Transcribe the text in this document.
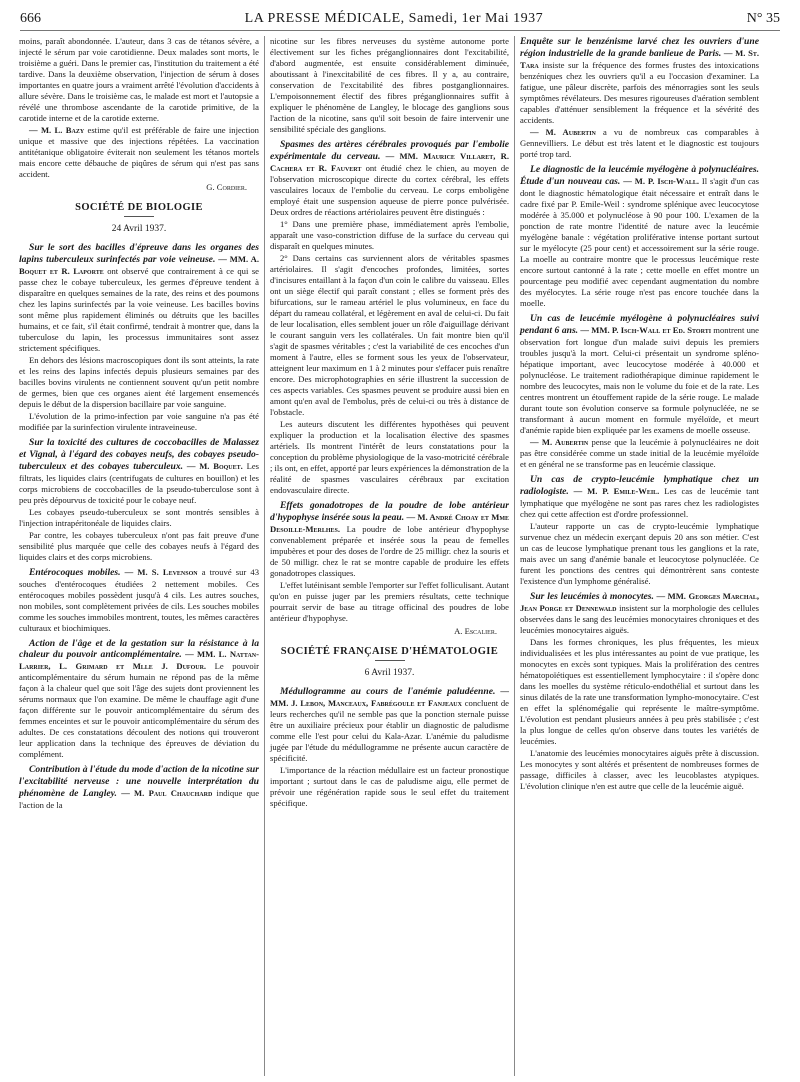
666	LA PRESSE MÉDICALE, Samedi, 1er Mai 1937	N° 35

moins, paraît abondonnée. L'auteur, dans 3 cas de tétanos sévère, a injecté le sérum par voie carotidienne. Deux malades sont morts, le troisième a guéri. Dans le premier cas, l'institution du traitement a été tardive. Dans la deuxième observation, l'injection de sérum à doses importantes en quatre jours a vraiment arrêté l'évolution d'accidents à allure sévère. Dans le troisième cas, le malade est mort et l'autopsie a révélé une thrombose ascendante de la carotide primitive, de la carotide interne et de la carotide externe.

— M. L. Bazy estime qu'il est préférable de faire une injection unique et massive que des injections répétées. La vaccination antitétanique obligatoire éviterait non seulement les tétanos mortels mais encore cette débauche de piqûres de sérum qui n'est pas sans accident.

G. Cordier.

SOCIÉTÉ DE BIOLOGIE
24 Avril 1937.

Sur le sort des bacilles d'épreuve dans les organes des lapins tuberculeux surinfectés par voie veineuse. — MM. A. Boquet et R. Laporte ont observé que contrairement à ce qui se passe chez le cobaye tuberculeux, les germes d'épreuve tendent à disparaître en quelques semaines de la rate, des reins et des poumons chez les lapins surinfectés par la voie veineuse. Les bacilles bovins sont même plus rapidement éliminés ou détruits que les bacilles humains, et ce fait, s'il était confirmé, tendrait à montrer que, dans la tuberculose du lapin, les processus immunitaires sont assez strictement spécifiques.

En dehors des lésions macroscopiques dont ils sont atteints, la rate et les reins des lapins infectés depuis plusieurs semaines par des bacilles bovins virulents ne contiennent souvent qu'un petit nombre de germes, bien que ces organes aient été largement ensemencés depuis le début de la dispersion bacillaire par voie sanguine.

L'évolution de la primo-infection par voie sanguine n'a pas été modifiée par la surinfection virulente intraveineuse.

Sur la toxicité des cultures de coccobacilles de Malassez et Vignal, à l'égard des cobayes neufs, des cobayes pseudo-tuberculeux et des cobayes tuberculeux. — M. Boquet. Les filtrats, les liquides clairs (centrifugats de cultures en bouillon) et les corps microbiens de coccobacilles de la pseudo-tuberculose sont à peu près dépourvus de toxicité pour le cobaye neuf.

Les cobayes pseudo-tuberculeux se sont montrés sensibles à l'injection intrapéritonéale de liquides clairs.

Par contre, les cobayes tuberculeux n'ont pas fait preuve d'une sensibilité plus marquée que celle des cobayes neufs à l'égard des liquides clairs et des corps microbiens.

Entérocoques mobiles. — M. S. Levenson a trouvé sur 43 souches d'entérocoques étudiées 2 nettement mobiles. Ces entérocoques mobiles possèdent jusqu'à 4 cils. Les autres souches, non mobiles, sont complètement privées de cils. Les souches mobiles comme les souches immobiles montrent, toutes, les mêmes caractères culturaux et biochimiques.

Action de l'âge et de la gestation sur la résistance à la chaleur du pouvoir anticomplémentaire. — MM. L. Nattan-Larrier, L. Grimard et Mlle J. Dufour. Le pouvoir anticomplémentaire du sérum humain ne répond pas de la même façon à la chaleur quel que soit l'âge des sujets dont proviennent les sérums normaux que l'on examine. De même le chauffage agit d'une façon différente sur le pouvoir anticomplémentaire du sérum des femmes enceintes et sur le pouvoir anticomplémentaire du sérum des adultes. De ces constatations découlent des notions qui trouveront leur application dans la technique des épreuves de déviation du complément.

Contribution à l'étude du mode d'action de la nicotine sur l'excitabilité nerveuse : une nouvelle interprétation du phénomène de Langley. — M. Paul Chauchard indique que l'action de la

nicotine sur les fibres nerveuses du système autonome porte électivement sur les fiches préganglionnaires dont l'excitabilité, d'abord augmentée, est ensuite considérablement diminuée, aboutissant à l'inexcitabilité de ces fibres. Il y a, au contraire, conservation de l'excitabilité des fibres postganglionnaires. L'empoisonnement électif des fibres préganglionnaires suffit à expliquer le phénomène de Langley, le blocage des ganglions sous l'action de la nicotine, sans qu'il soit besoin de faire intervenir une sensibilité spéciale des ganglions.

Spasmes des artères cérébrales provoqués par l'embolie expérimentale du cerveau. — MM. Maurice Villaret, R. Cachera et R. Fauvert ont étudié chez le chien, au moyen de l'observation microscopique directe du cortex cérébral, les effets vasculaires locaux de l'embolie du cerveau. Le corps emboligène employé était une suspension aqueuse de pierre ponce pulvérisée. Deux ordres de réactions artériolaires peuvent être distingués :

1° Dans une première phase, immédiatement après l'embolie, apparaît une vaso-constriction diffuse de la surface du cerveau qui disparaît en quelques minutes.

2° Dans certains cas surviennent alors de véritables spasmes artériolaires. Il s'agit d'encoches profondes, limitées, sortes d'incisures entaillant à la façon d'un coin le calibre du vaisseau. Elles ont un siège électif qui paraît constant ; elles se forment près des bifurcations, sur le rameau artériel le plus volumineux, en face du départ du rameau collatéral, et légèrement en aval de celui-ci. Du fait de leur localisation, elles semblent jouer un rôle d'aiguillage dérivant le courant sanguin vers les collatérales. Un fait montre bien qu'il s'agit de spasmes véritables ; c'est la variabilité de ces encoches d'un moment à l'autre, elles se forment sous les yeux de l'observateur, atteignent leur maximum en 1 à 2 minutes pour s'effacer puis renaître encore. Des microphotographies en série illustrent la succession de ces aspects variables. Ces spasmes peuvent se produire aussi bien en amont qu'en aval de l'embolus, près de celui-ci ou très à distance de l'obstacle.

Les auteurs discutent les différentes hypothèses qui peuvent expliquer la production et la localisation élective des spasmes artériels. Ils montrent l'intérêt de leurs constatations pour la conception du problème physiologique de la vaso-motricité cérébrale ; ils ont, en effet, apporté par leurs expériences la démonstration de la réalité de spasmes vasculaires cérébraux par excitation endovasculaire directe.

Effets gonadotropes de la poudre de lobe antérieur d'hypophyse insérée sous la peau. — M. André Choay et Mme Desoille-Merlhes. La poudre de lobe antérieur d'hypophyse convenablement préparée et insérée sous la peau de femelles impubères et pour des doses de l'ordre de 25 milligr. chez la souris et de 50 milligr. chez le rat se montre capable de produire les effets gonadotropes classiques.

L'effet lutéinisant semble l'emporter sur l'effet folliculisant. Autant qu'on en puisse juger par les premiers résultats, cette technique pourrait servir de base au titrage officinal des poudres de lobe antérieur d'hypophyse.

A. Escalier.

SOCIÉTÉ FRANÇAISE D'HÉMATOLOGIE
6 Avril 1937.

Médullogramme au cours de l'anémie paludéenne. — MM. J. Lebon, Manceaux, Fabrégoule et Fanjeaux concluent de leurs recherches qu'il ne semble pas que la ponction sternale puisse être un auxiliaire précieux pour établir un diagnostic de paludisme comme elle l'est pour celui du Kala-Azar. L'anémie du paludisme jugée par l'étude du médullogramme ne présente aucun caractère de spécificité.

L'importance de la réaction médullaire est un facteur pronostique important ; surtout dans le cas de paludisme aigu, elle permet de prévoir une régénération rapide sous le seul effet du traitement spécifique.

Enquête sur le benzénisme larvé chez les ouvriers d'une région industrielle de la grande banlieue de Paris. — M. St. Tara insiste sur la fréquence des formes frustes des intoxications benzéniques chez les ouvriers qu'il a eu l'occasion d'examiner. La fatigue, une pâleur discrète, parfois des ménorragies sont les seuls symptômes révélateurs. Des mesures rigoureuses d'aération semblent capables d'atténuer sensiblement la fréquence et la sévérité des accidents.

— M. Aubertin a vu de nombreux cas comparables à Gennevilliers. Le début est très latent et le diagnostic est toujours porté trop tard.

Le diagnostic de la leucémie myélogène à polynucléaires. Étude d'un nouveau cas. — M. P. Isch-Wall. Il s'agit d'un cas dont le diagnostic hématologique était nécessaire et entraît dans le cadre fixé par P. Emile-Weil : syndrome splénique avec leucocytose modérée à 35.000 et polynucléose à 90 pour 100. L'examen de la ponction de rate montre l'identité de nature avec la leucémie myélogène banale : végétation proliférative intense portant surtout sur le myélocyte (25 pour cent) et accessoirement sur la série rouge. La moelle au contraire montre que le processus leucémique reste encore surtout cantonné à la rate ; cette moelle en effet montre un pourcentage peu modifié avec cependant augmentation du nombre des myélocytes. La série rouge n'est pas encore touchée dans la moelle.

Un cas de leucémie myélogène à polynucléaires suivi pendant 6 ans. — MM. P. Isch-Wall et Ed. Storti montrent une observation fort longue d'un malade suivi depuis les premiers troubles jusqu'à la mort. Celui-ci présentait un syndrome spléno-hépatique important, avec leucocytose modérée à 40.000 et polynucléose. Le traitement radiothérapique diminue rapidement le nombre des leucocytes, mais non le volume du foie et de la rate. Les centres montrent un étouffement rapide de la série rouge. Le malade durant toute son évolution conserve sa formule polynucléée, ne se transformant à aucun moment en formule myéloïde, et meurt d'anémie rapide bien expliquée par les examens de moelle osseuse.

— M. Aubertin pense que la leucémie à polynucléaires ne doit pas être considérée comme un stade initial de la leucémie myéloïde et en général ne se transforme pas en leucémie classique.

Un cas de crypto-leucémie lymphatique chez un radiologiste. — M. P. Emile-Weil. Les cas de leucémie tant lymphatique que myélogène ne sont pas rares chez les radiologistes chez qui cette affection est d'ordre professionnel.

L'auteur rapporte un cas de crypto-leucémie lymphatique survenue chez un médecin exerçant depuis 20 ans son métier. C'est un cas de leucose lymphatique prenant tous les ganglions et la rate, mais avec un sang d'anémie banale et leucocytose polynucléée. Ce furent les ponctions des centres qui démontrèrent sans conteste l'existence d'un lymphome généralisé.

Sur les leucémies à monocytes. — MM. Georges Marchal, Jean Porge et Dennewald insistent sur la morphologie des cellules observées dans le sang des leucémies monocytaires chroniques et des leucémies monocytaires aiguës.

Dans les formes chroniques, les plus fréquentes, les mieux individualisées et les plus intéressantes au point de vue pratique, les monocytes en excès sont typiques. Mais la prolifération des centres hématopoïétiques est essentiellement lymphocytaire : il s'opère donc dans les moelles du système réticulo-endothélial et surtout dans les sinus dilatés de la rate une transformation lympho-monocytaire. C'est en effet la splénomégalie qui représente le maître-symptôme. L'évolution est pendant plusieurs années à peu près stabilisée ; c'est la plus longue de celles qu'on observe dans toutes les variétés de leucémies.

L'anatomie des leucémies monocytaires aiguës prête à discussion. Les monocytes y sont altérés et présentent de nombreuses formes de passage, difficiles à classer, avec les leucoblastes atypiques. L'évolution clinique n'en est autre que celle de la leucémie aiguë.
